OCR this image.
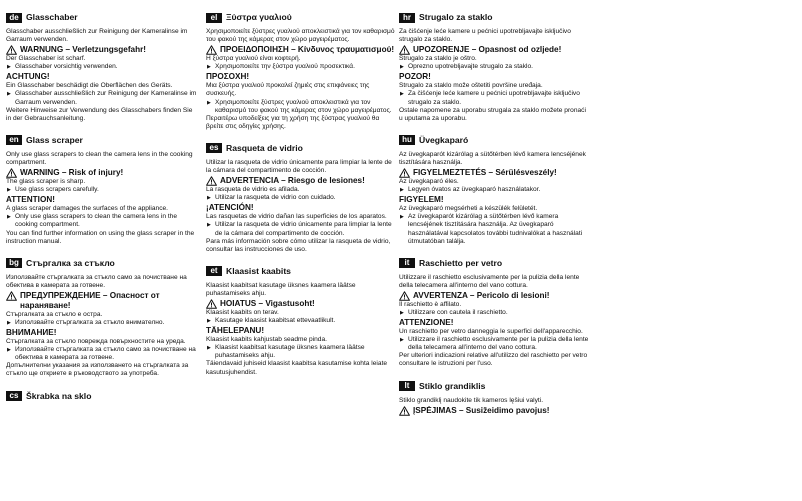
de Glasschaber

Glasschaber ausschließlich zur Reinigung der Kameralinse im Garraum verwenden.

WARNUNG – Verletzungsgefahr!

Der Glasschaber ist scharf.

▶ Glasschaber vorsichtig verwenden.
ACHTUNG!

Ein Glasschaber beschädigt die Oberflächen des Geräts.

▶ Glasschaber ausschließlich zur Reinigung der Kameralinse im Garraum verwenden.

Weitere Hinweise zur Verwendung des Glasschabers finden Sie in der Gebrauchsanleitung.

en Glass scraper

Only use glass scrapers to clean the camera lens in the cooking compartment.

WARNING – Risk of injury!

The glass scraper is sharp.

▶ Use glass scrapers carefully.
ATTENTION!

A glass scraper damages the surfaces of the appliance.

▶ Only use glass scrapers to clean the camera lens in the cooking compartment.

You can find further information on using the glass scraper in the instruction manual.

bg Стъргалка за стъкло

Използвайте стъргалката за стъкло само за почистване на обектива в камерата за готвене.

ПРЕДУПРЕЖДЕНИЕ – Опасност от нараняване!

Стъргалката за стъкло е остра.

▶ Използвайте стъргалката за стъкло внимателно.
ВНИМАНИЕ!

Стъргалката за стъкло поврежда повърхностите на уреда.

▶ Използвайте стъргалката за стъкло само за почистване на обектива в камерата за готвене.

Допълнителни указания за използването на стъргалката за стъкло ще откриете в ръководството за употреба.

cs Škrabka na sklo
el	Ξύστρα γυαλιού

Χρησιμοποιείτε ξύστρες γυαλιού αποκλειστικά για τον καθαρισμό του φακού της κάμερας στον χώρο μαγειρέματος.

ΠΡΟΕΙΔΟΠΟΙΗΣΗ – Κίνδυνος τραυματισμού!

Η ξύστρα γυαλιού είναι κοφτερή.

▶ Χρησιμοποιείτε την ξύστρα γυαλιού προσεκτικά.
ΠΡΟΣΟΧΗ!

Μια ξύστρα γυαλιού προκαλεί ζημιές στις επιφάνειες της συσκευής.

▶ Χρησιμοποιείτε ξύστρες γυαλιού αποκλειστικά για τον καθαρισμό του φακού της κάμερας στον χώρο μαγειρέματος.

Περαιτέρω υποδείξεις για τη χρήση της ξύστρας γυαλιού θα βρείτε στις οδηγίες χρήσης.

es Rasqueta de vidrio

Utilizar la rasqueta de vidrio únicamente para limpiar la lente de la cámara del compartimento de cocción.

ADVERTENCIA – Riesgo de lesiones!

La rasqueta de vidrio es afilada.

▶ Utilizar la rasqueta de vidrio con cuidado.
¡ATENCIÓN!

Las rasquetas de vidrio dañan las superficies de los aparatos.

▶ Utilizar la rasqueta de vidrio únicamente para limpiar la lente de la cámara del compartimento de cocción.

Para más información sobre cómo utilizar la rasqueta de vidrio, consultar las instrucciones de uso.

et Klaasist kaabits

Klaasist kaabitsat kasutage üksnes kaamera läätse puhastamiseks ahju.

HOIATUS – Vigastusoht!

Klaasist kaabits on terav.

▶ Kasutage klaasist kaabitsat ettevaatlikult.
TÄHELEPANU!

Klaasist kaabits kahjustab seadme pinda.

▶ Klaasist kaabitsat kasutage üksnes kaamera läätse puhastamiseks ahju.

Täiendavaid juhiseid klaasist kaabitsa kasutamise kohta leiate kasutusjuhendist.

hr Strugalo za staklo

Za čišćenje leće kamere u pećnici upotrebljavajte isključivo strugalo za staklo.

UPOZORENJE – Opasnost od ozljede!

Strugalo za staklo je oštro.

▶ Oprezno upotrebljavajte strugalo za staklo.
POZOR!

Strugalo za staklo može oštetiti površine uređaja.

▶ Za čišćenje leće kamere u pećnici upotrebljavajte isključivo strugalo za staklo.

Ostale napomene za uporabu strugala za staklo možete pronaći u uputama za uporabu.

hu Üvegkaparó

Az üvegkaparót kizárólag a sütőtérben lévő kamera lencséjének tisztítására használja.

FIGYELMEZTETÉS – Sérülésveszély!

Az üvegkaparó éles.

▶ Legyen óvatos az üvegkaparó használatakor.
FIGYELEM!

Az üvegkaparó megsérheti a készülék felületét.

▶ Az üvegkaparót kizárólag a sütőtérben lévő kamera lencséjének tisztítására használja. Az üvegkaparó használatával kapcsolatos további tudnivalókat a használati útmutatóban találja.
it	Raschietto per vetro

Utilizzare il raschietto esclusivamente per la pulizia della lente della telecamera all'interno del vano cottura.

AVVERTENZA – Pericolo di lesioni!

Il raschietto è affilato.

▶ Utilizzare con cautela il raschietto.
ATTENZIONE!

Un raschietto per vetro danneggia le superfici dell'apparecchio.

▶ Utilizzare il raschietto esclusivamente per la pulizia della lente della telecamera all'interno del vano cottura.

Per ulteriori indicazioni relative all'utilizzo del raschietto per vetro consultare le istruzioni per l'uso.

lt	Stiklo grandiklis

Stiklo grandiklį naudokite tik kameros lęšiui valyti.

ĮSPĖJIMAS – Susižeidimo pavojus!
